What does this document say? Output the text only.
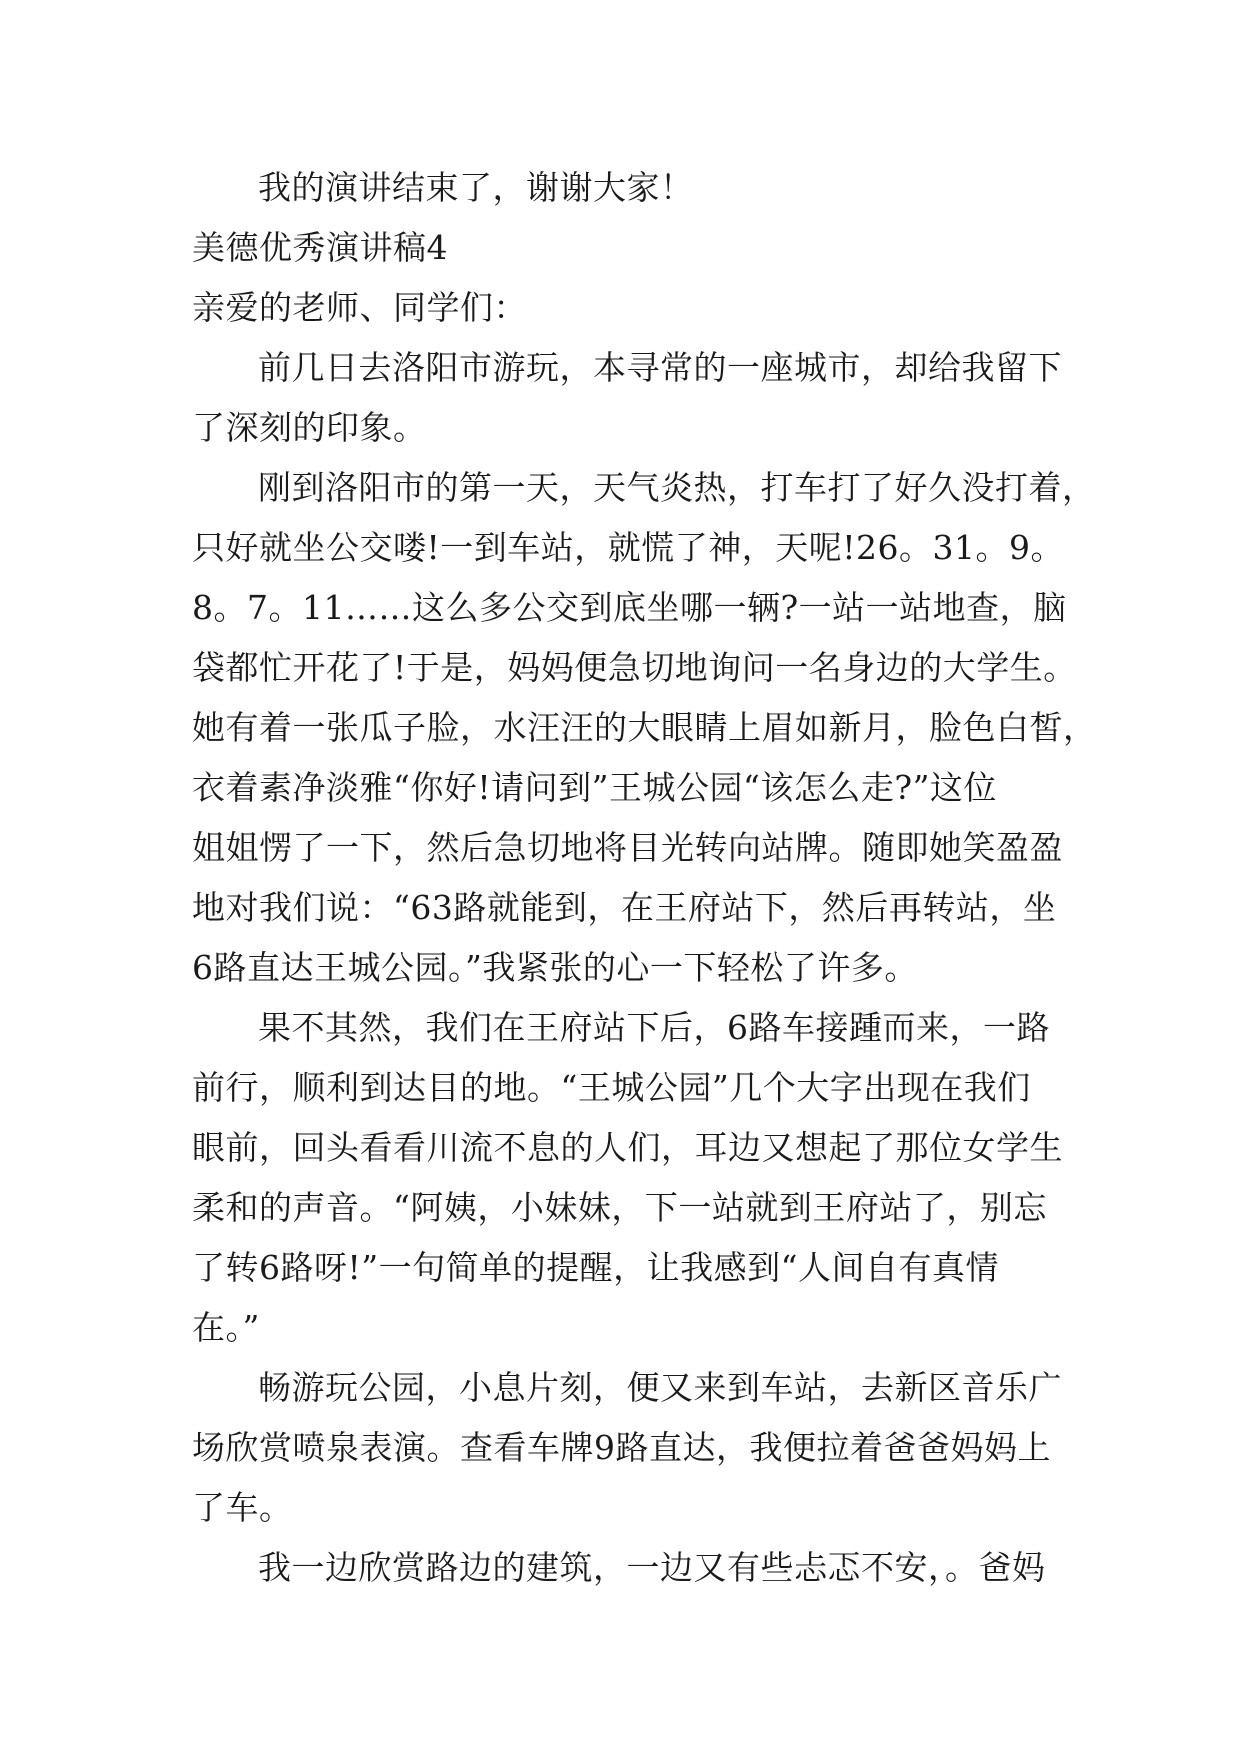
我的演讲结束了，谢谢大家！
美德优秀演讲稿4
亲爱的老师、同学们：
前几日去洛阳市游玩，本寻常的一座城市，却给我留下
了深刻的印象。
刚到洛阳市的第一天，天气炎热，打车打了好久没打着，
只好就坐公交喽!一到车站，就慌了神，天呢!26。31。9。
8。7。11……这么多公交到底坐哪一辆?一站一站地查，脑
袋都忙开花了!于是，妈妈便急切地询问一名身边的大学生。
她有着一张瓜子脸，水汪汪的大眼睛上眉如新月，脸色白皙，
衣着素净淡雅“你好!请问到”王城公园“该怎么走?”这位
姐姐愣了一下，然后急切地将目光转向站牌。随即她笑盈盈
地对我们说：“63路就能到，在王府站下，然后再转站，坐
6路直达王城公园。”我紧张的心一下轻松了许多。
果不其然，我们在王府站下后，6路车接踵而来，一路
前行，顺利到达目的地。“王城公园”几个大字出现在我们
眼前，回头看看川流不息的人们，耳边又想起了那位女学生
柔和的声音。“阿姨，小妹妹，下一站就到王府站了，别忘
了转6路呀!”一句简单的提醒，让我感到“人间自有真情
在。”
畅游玩公园，小息片刻，便又来到车站，去新区音乐广
场欣赏喷泉表演。查看车牌9路直达，我便拉着爸爸妈妈上
了车。
我一边欣赏路边的建筑，一边又有些忐忑不安，。爸妈
